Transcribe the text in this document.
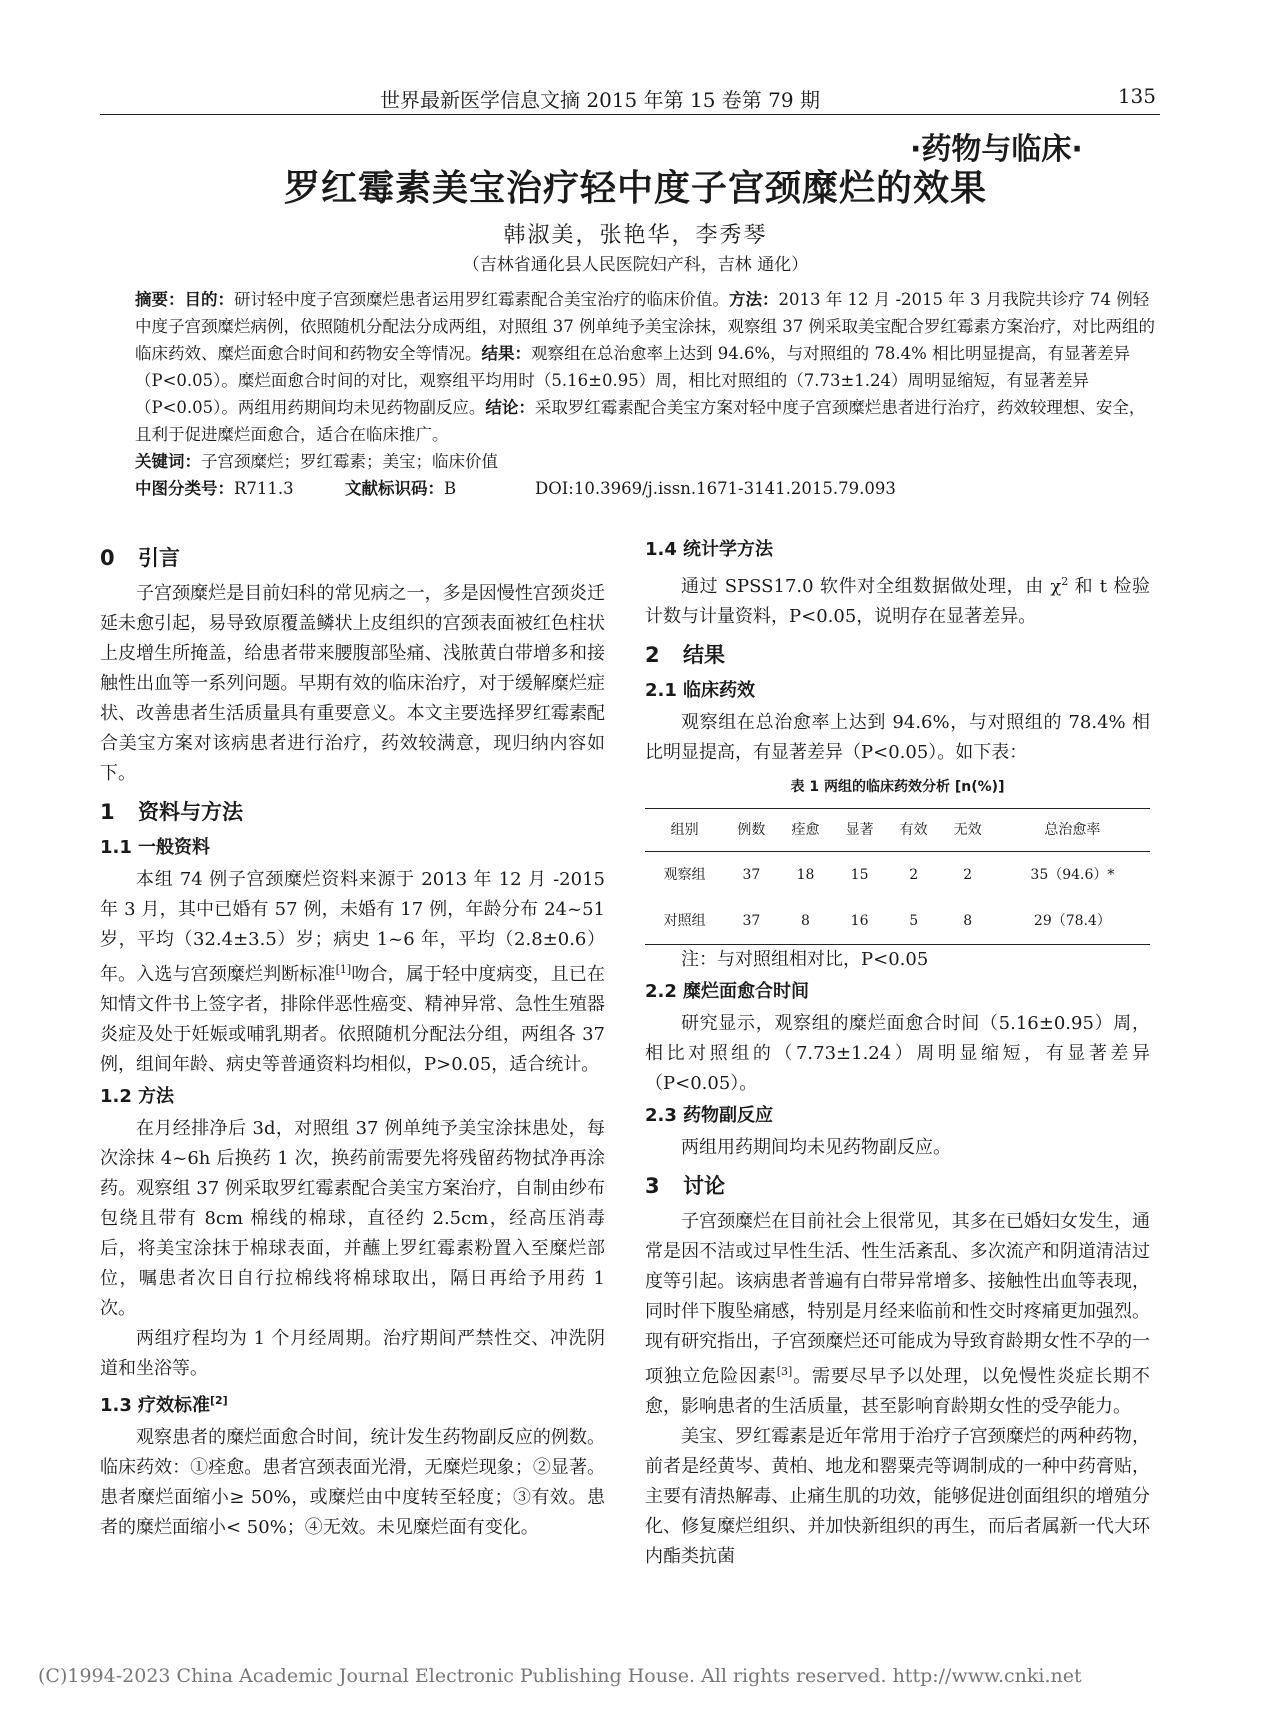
世界最新医学信息文摘 2015 年第 15 卷第 79 期	135
·药物与临床·
罗红霉素美宝治疗轻中度子宫颈糜烂的效果
韩淑美，张艳华，李秀琴
（吉林省通化县人民医院妇产科，吉林 通化）

摘要：目的：研讨轻中度子宫颈糜烂患者运用罗红霉素配合美宝治疗的临床价值。方法：2013 年 12 月 -2015 年 3 月我院共诊疗 74 例轻中度子宫颈糜烂病例，依照随机分配法分成两组，对照组 37 例单纯予美宝涂抹，观察组 37 例采取美宝配合罗红霉素方案治疗，对比两组的临床药效、糜烂面愈合时间和药物安全等情况。结果：观察组在总治愈率上达到 94.6%，与对照组的 78.4% 相比明显提高，有显著差异（P<0.05）。糜烂面愈合时间的对比，观察组平均用时（5.16±0.95）周，相比对照组的（7.73±1.24）周明显缩短，有显著差异（P<0.05）。两组用药期间均未见药物副反应。结论：采取罗红霉素配合美宝方案对轻中度子宫颈糜烂患者进行治疗，药效较理想、安全，且利于促进糜烂面愈合，适合在临床推广。

关键词：子宫颈糜烂；罗红霉素；美宝；临床价值

中图分类号： R711.3	文献标识码： B	DOI:10.3969/j.issn.1671-3141.2015.79.093
0 引言

子宫颈糜烂是目前妇科的常见病之一，多是因慢性宫颈炎迁延未愈引起，易导致原覆盖鳞状上皮组织的宫颈表面被红色柱状上皮增生所掩盖，给患者带来腰腹部坠痛、浅脓黄白带增多和接触性出血等一系列问题。早期有效的临床治疗，对于缓解糜烂症状、改善患者生活质量具有重要意义。本文主要选择罗红霉素配合美宝方案对该病患者进行治疗，药效较满意，现归纳内容如下。

1 资料与方法
1.1 一般资料

本组 74 例子宫颈糜烂资料来源于 2013 年 12 月 -2015 年 3 月，其中已婚有 57 例，未婚有 17 例，年龄分布 24~51 岁，平均（32.4±3.5）岁；病史 1~6 年，平均（2.8±0.6）年。入选与宫颈糜烂判断标准[1]吻合，属于轻中度病变，且已在知情文件书上签字者，排除伴恶性癌变、精神异常、急性生殖器炎症及处于妊娠或哺乳期者。依照随机分配法分组，两组各 37 例，组间年龄、病史等普通资料均相似，P>0.05，适合统计。

1.2 方法

在月经排净后 3d，对照组 37 例单纯予美宝涂抹患处，每次涂抹 4~6h 后换药 1 次，换药前需要先将残留药物拭净再涂药。观察组 37 例采取罗红霉素配合美宝方案治疗，自制由纱布包绕且带有 8cm 棉线的棉球，直径约 2.5cm，经高压消毒后，将美宝涂抹于棉球表面，并蘸上罗红霉素粉置入至糜烂部位，嘱患者次日自行拉棉线将棉球取出，隔日再给予用药 1 次。

两组疗程均为 1 个月经周期。治疗期间严禁性交、冲洗阴道和坐浴等。

1.3 疗效标准[2]

观察患者的糜烂面愈合时间，统计发生药物副反应的例数。临床药效：①痊愈。患者宫颈表面光滑，无糜烂现象；②显著。患者糜烂面缩小≥ 50%，或糜烂由中度转至轻度；③有效。患者的糜烂面缩小< 50%；④无效。未见糜烂面有变化。

1.4 统计学方法

通过 SPSS17.0 软件对全组数据做处理，由 $\chi^2$ 和 t 检验计数与计量资料，P<0.05，说明存在显著差异。

2 结果
2.1 临床药效

观察组在总治愈率上达到 94.6%，与对照组的 78.4% 相比明显提高，有显著差异（P<0.05）。如下表：

表 1 两组的临床药效分析 [n(%)]
组别	例数	痊愈	显著	有效	无效	总治愈率
观察组	37	18	15	2	2	35（94.6）*
对照组	37	8	16	5	8	29（78.4）

注：与对照组相对比，P<0.05

2.2 糜烂面愈合时间

研究显示，观察组的糜烂面愈合时间（5.16±0.95）周，相比对照组的（7.73±1.24）周明显缩短，有显著差异（P<0.05）。

2.3 药物副反应

两组用药期间均未见药物副反应。

3 讨论

子宫颈糜烂在目前社会上很常见，其多在已婚妇女发生，通常是因不洁或过早性生活、性生活紊乱、多次流产和阴道清洁过度等引起。该病患者普遍有白带异常增多、接触性出血等表现，同时伴下腹坠痛感，特别是月经来临前和性交时疼痛更加强烈。现有研究指出，子宫颈糜烂还可能成为导致育龄期女性不孕的一项独立危险因素[3]。需要尽早予以处理，以免慢性炎症长期不愈，影响患者的生活质量，甚至影响育龄期女性的受孕能力。

美宝、罗红霉素是近年常用于治疗子宫颈糜烂的两种药物，前者是经黄岑、黄柏、地龙和罂粟壳等调制成的一种中药膏贴，主要有清热解毒、止痛生肌的功效，能够促进创面组织的增殖分化、修复糜烂组织、并加快新组织的再生，而后者属新一代大环内酯类抗菌

(C)1994-2023 China Academic Journal Electronic Publishing House. All rights reserved. http://www.cnki.net
